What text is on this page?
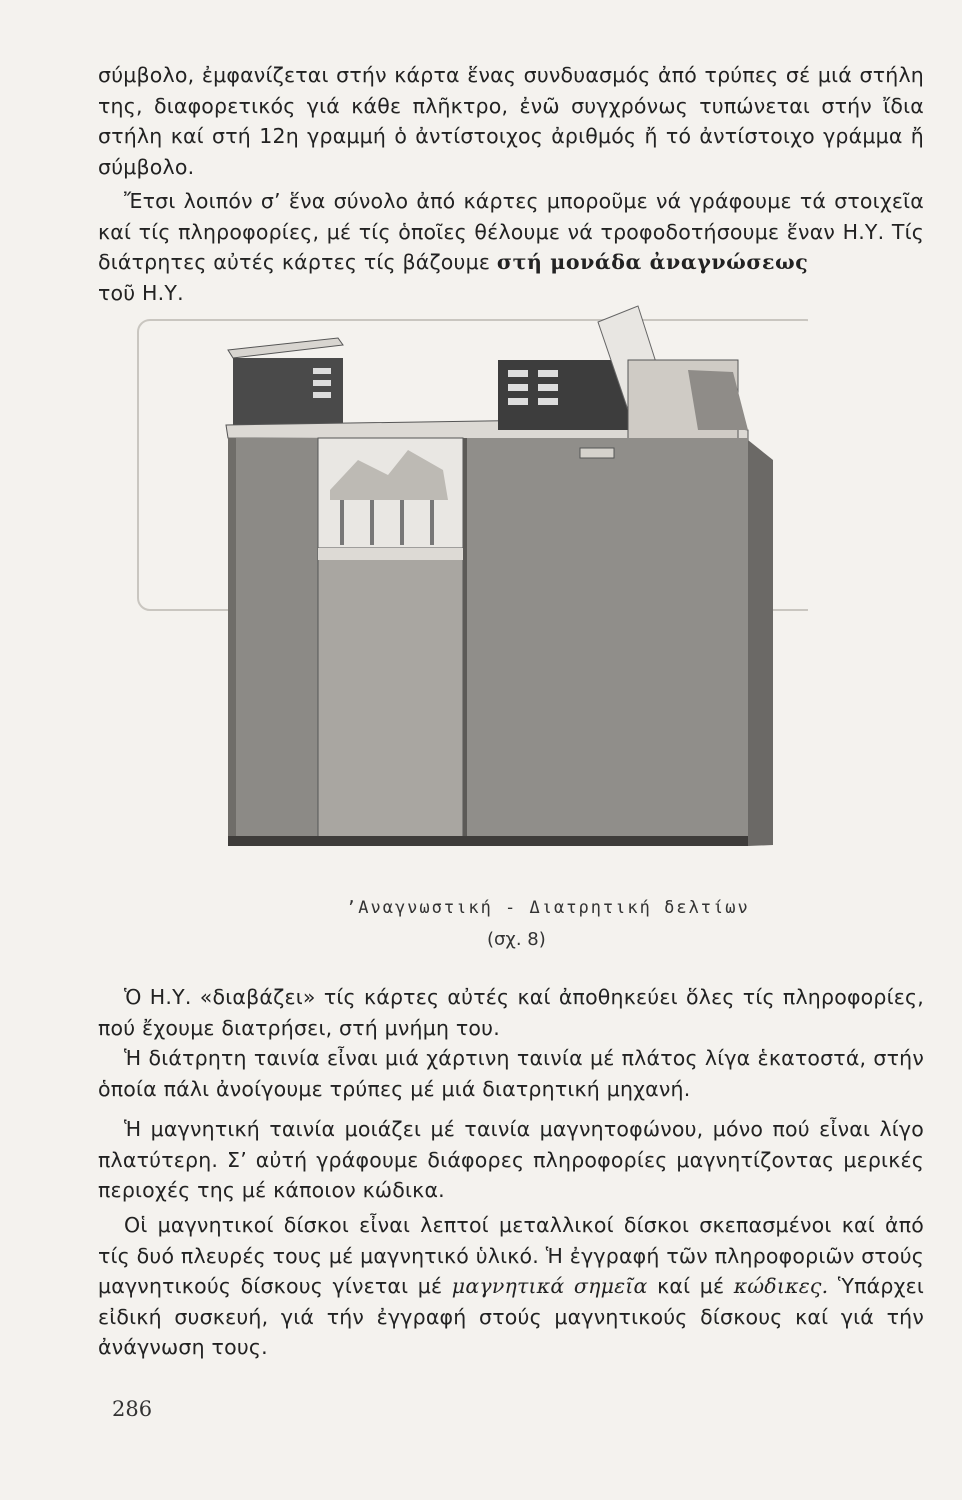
σύμβολο, ἐμφανίζεται στήν κάρτα ἕνας συνδυασμός ἀπό τρύπες σέ μιά στήλη της, διαφορετικός γιά κάθε πλῆκτρο, ἐνῶ συγχρόνως τυπώνεται στήν ἴδια στήλη καί στή 12η γραμμή ὁ ἀντίστοιχος ἀριθμός ἤ τό ἀντίστοιχο γράμμα ἤ σύμβολο.

Ἔτσι λοιπόν σ’ ἕνα σύνολο ἀπό κάρτες μποροῦμε νά γράφουμε τά στοιχεῖα καί τίς πληροφορίες, μέ τίς ὁποῖες θέλουμε νά τροφοδοτήσουμε ἕναν Η.Υ. Τίς διάτρητες αὐτές κάρτες τίς βάζουμε στή μονάδα ἀναγνώσεως
τοῦ Η.Υ.

ʼΑναγνωστική - Διατρητική δελτίων
(σχ. 8)

Ὁ Η.Υ. «διαβάζει» τίς κάρτες αὐτές καί ἀποθηκεύει ὅλες τίς πληροφορίες, πού ἔχουμε διατρήσει, στή μνήμη του.

Ἡ διάτρητη ταινία εἶναι μιά χάρτινη ταινία μέ πλάτος λίγα ἑκατοστά, στήν ὁποία πάλι ἀνοίγουμε τρύπες μέ μιά διατρητική μηχανή.

Ἡ μαγνητική ταινία μοιάζει μέ ταινία μαγνητοφώνου, μόνο πού εἶναι λίγο πλατύτερη. Σ’ αὐτή γράφουμε διάφορες πληροφορίες μαγνητίζοντας μερικές περιοχές της μέ κάποιον κώδικα.

Οἱ μαγνητικοί δίσκοι εἶναι λεπτοί μεταλλικοί δίσκοι σκεπασμένοι καί ἀπό τίς δυό πλευρές τους μέ μαγνητικό ὑλικό. Ἡ ἐγγραφή τῶν πληροφοριῶν στούς μαγνητικούς δίσκους γίνεται μέ μαγνητικά σημεῖα καί μέ κώδικες. Ὑπάρχει εἰδική συσκευή, γιά τήν ἐγγραφή στούς μαγνητικούς δίσκους καί γιά τήν ἀνάγνωση τους.

286
